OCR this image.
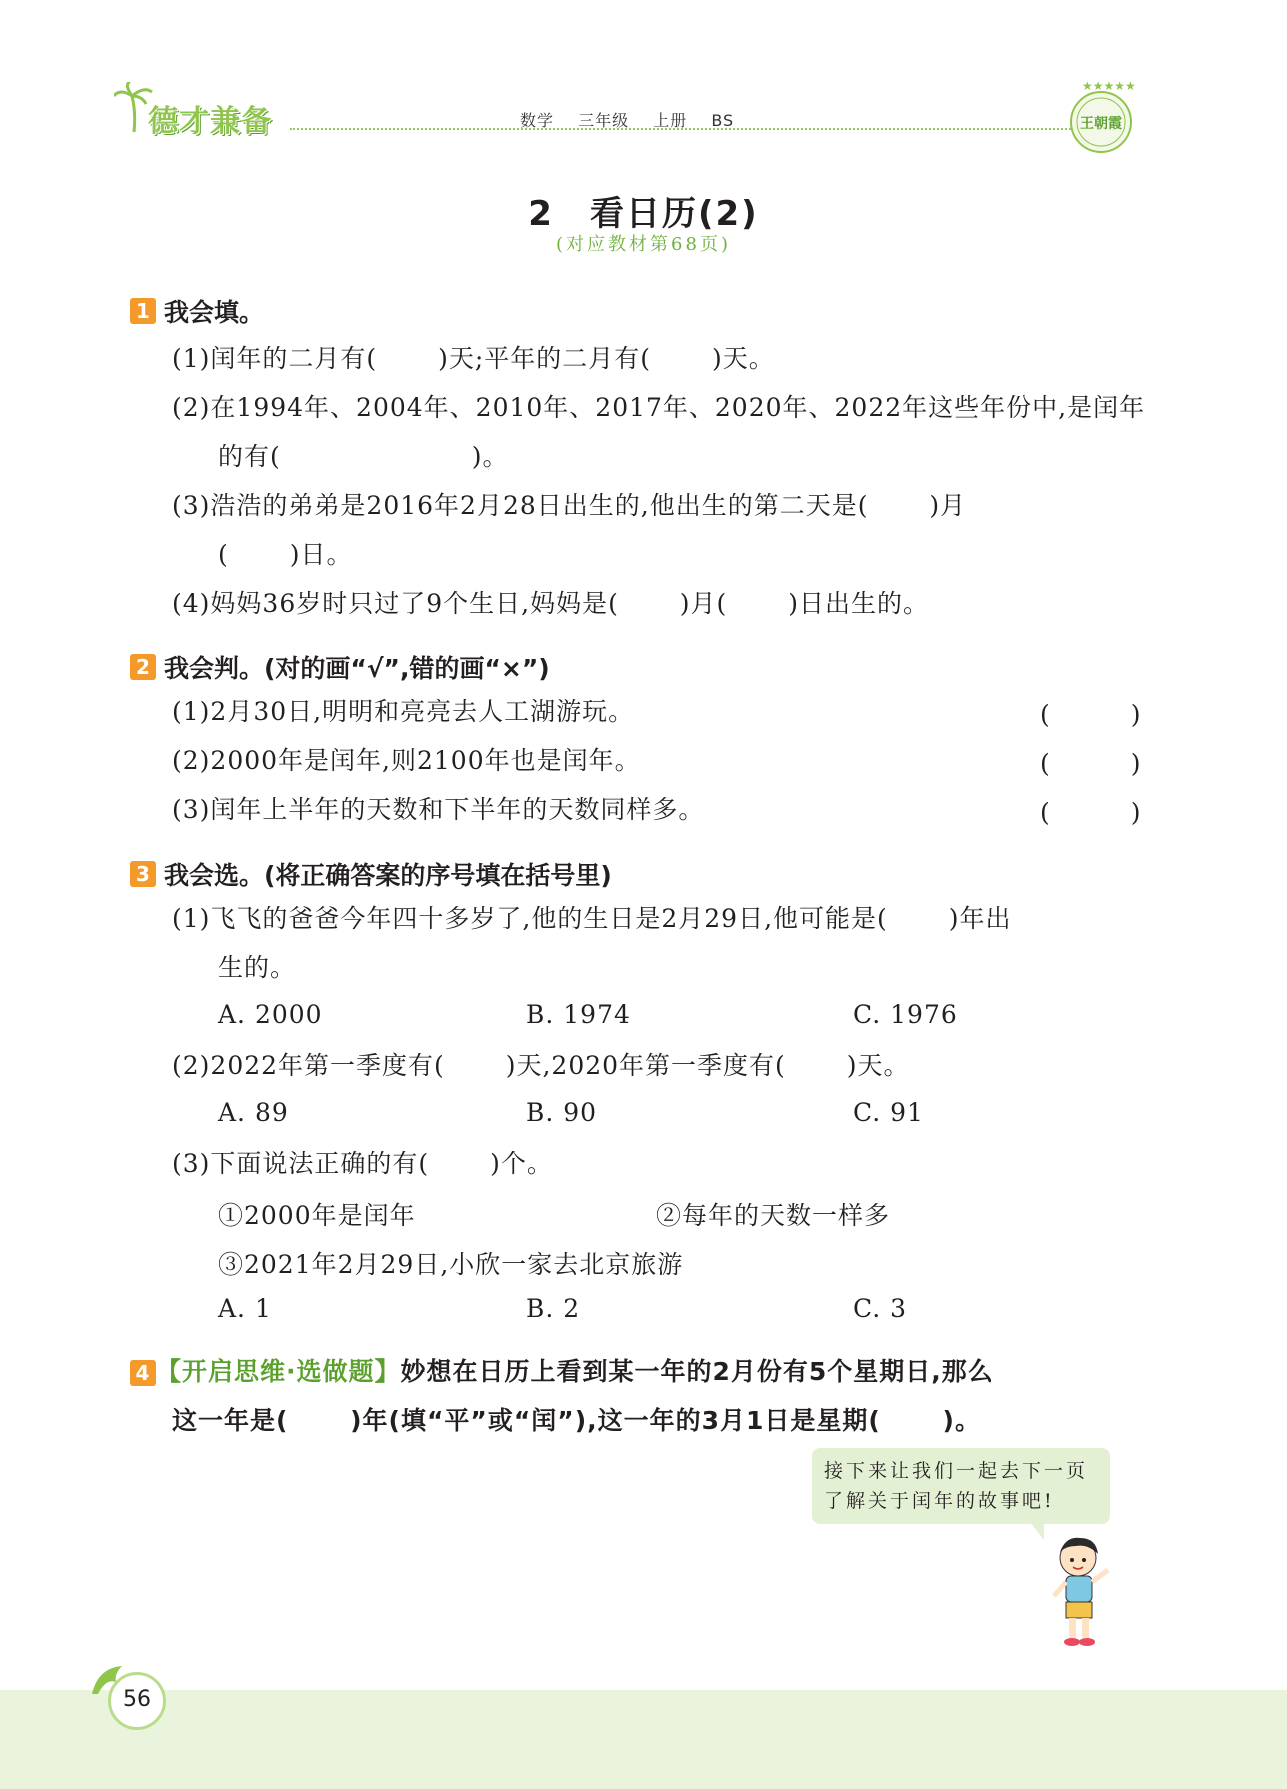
德才兼备	数学 三年级 上册 BS
★★★★★
王朝霞
2　看日历(2)
(对应教材第68页)
1 我会填。
(1)闰年的二月有(　　 )天;平年的二月有(　　 )天。
(2)在1994年、2004年、2010年、2017年、2020年、2022年这些年份中,是闰年
的有(　　　　　　　 )。
(3)浩浩的弟弟是2016年2月28日出生的,他出生的第二天是(　　 )月
(　　 )日。
(4)妈妈36岁时只过了9个生日,妈妈是(　　 )月(　　 )日出生的。
2 我会判。(对的画“√”,错的画“×”)
(1)2月30日,明明和亮亮去人工湖游玩。	(　)
(2)2000年是闰年,则2100年也是闰年。	(　)
(3)闰年上半年的天数和下半年的天数同样多。	(　)
3 我会选。(将正确答案的序号填在括号里)
(1)飞飞的爸爸今年四十多岁了,他的生日是2月29日,他可能是(　　 )年出
生的。
A. 2000	B. 1974	C. 1976
(2)2022年第一季度有(　　 )天,2020年第一季度有(　　 )天。
A. 89	B. 90	C. 91
(3)下面说法正确的有(　　 )个。
①2000年是闰年	②每年的天数一样多
③2021年2月29日,小欣一家去北京旅游
A. 1	B. 2	C. 3
4 【开启思维·选做题】妙想在日历上看到某一年的2月份有5个星期日,那么
这一年是(　　 )年(填“平”或“闰”),这一年的3月1日是星期(　　 )。
接下来让我们一起去下一页了解关于闰年的故事吧!
56
